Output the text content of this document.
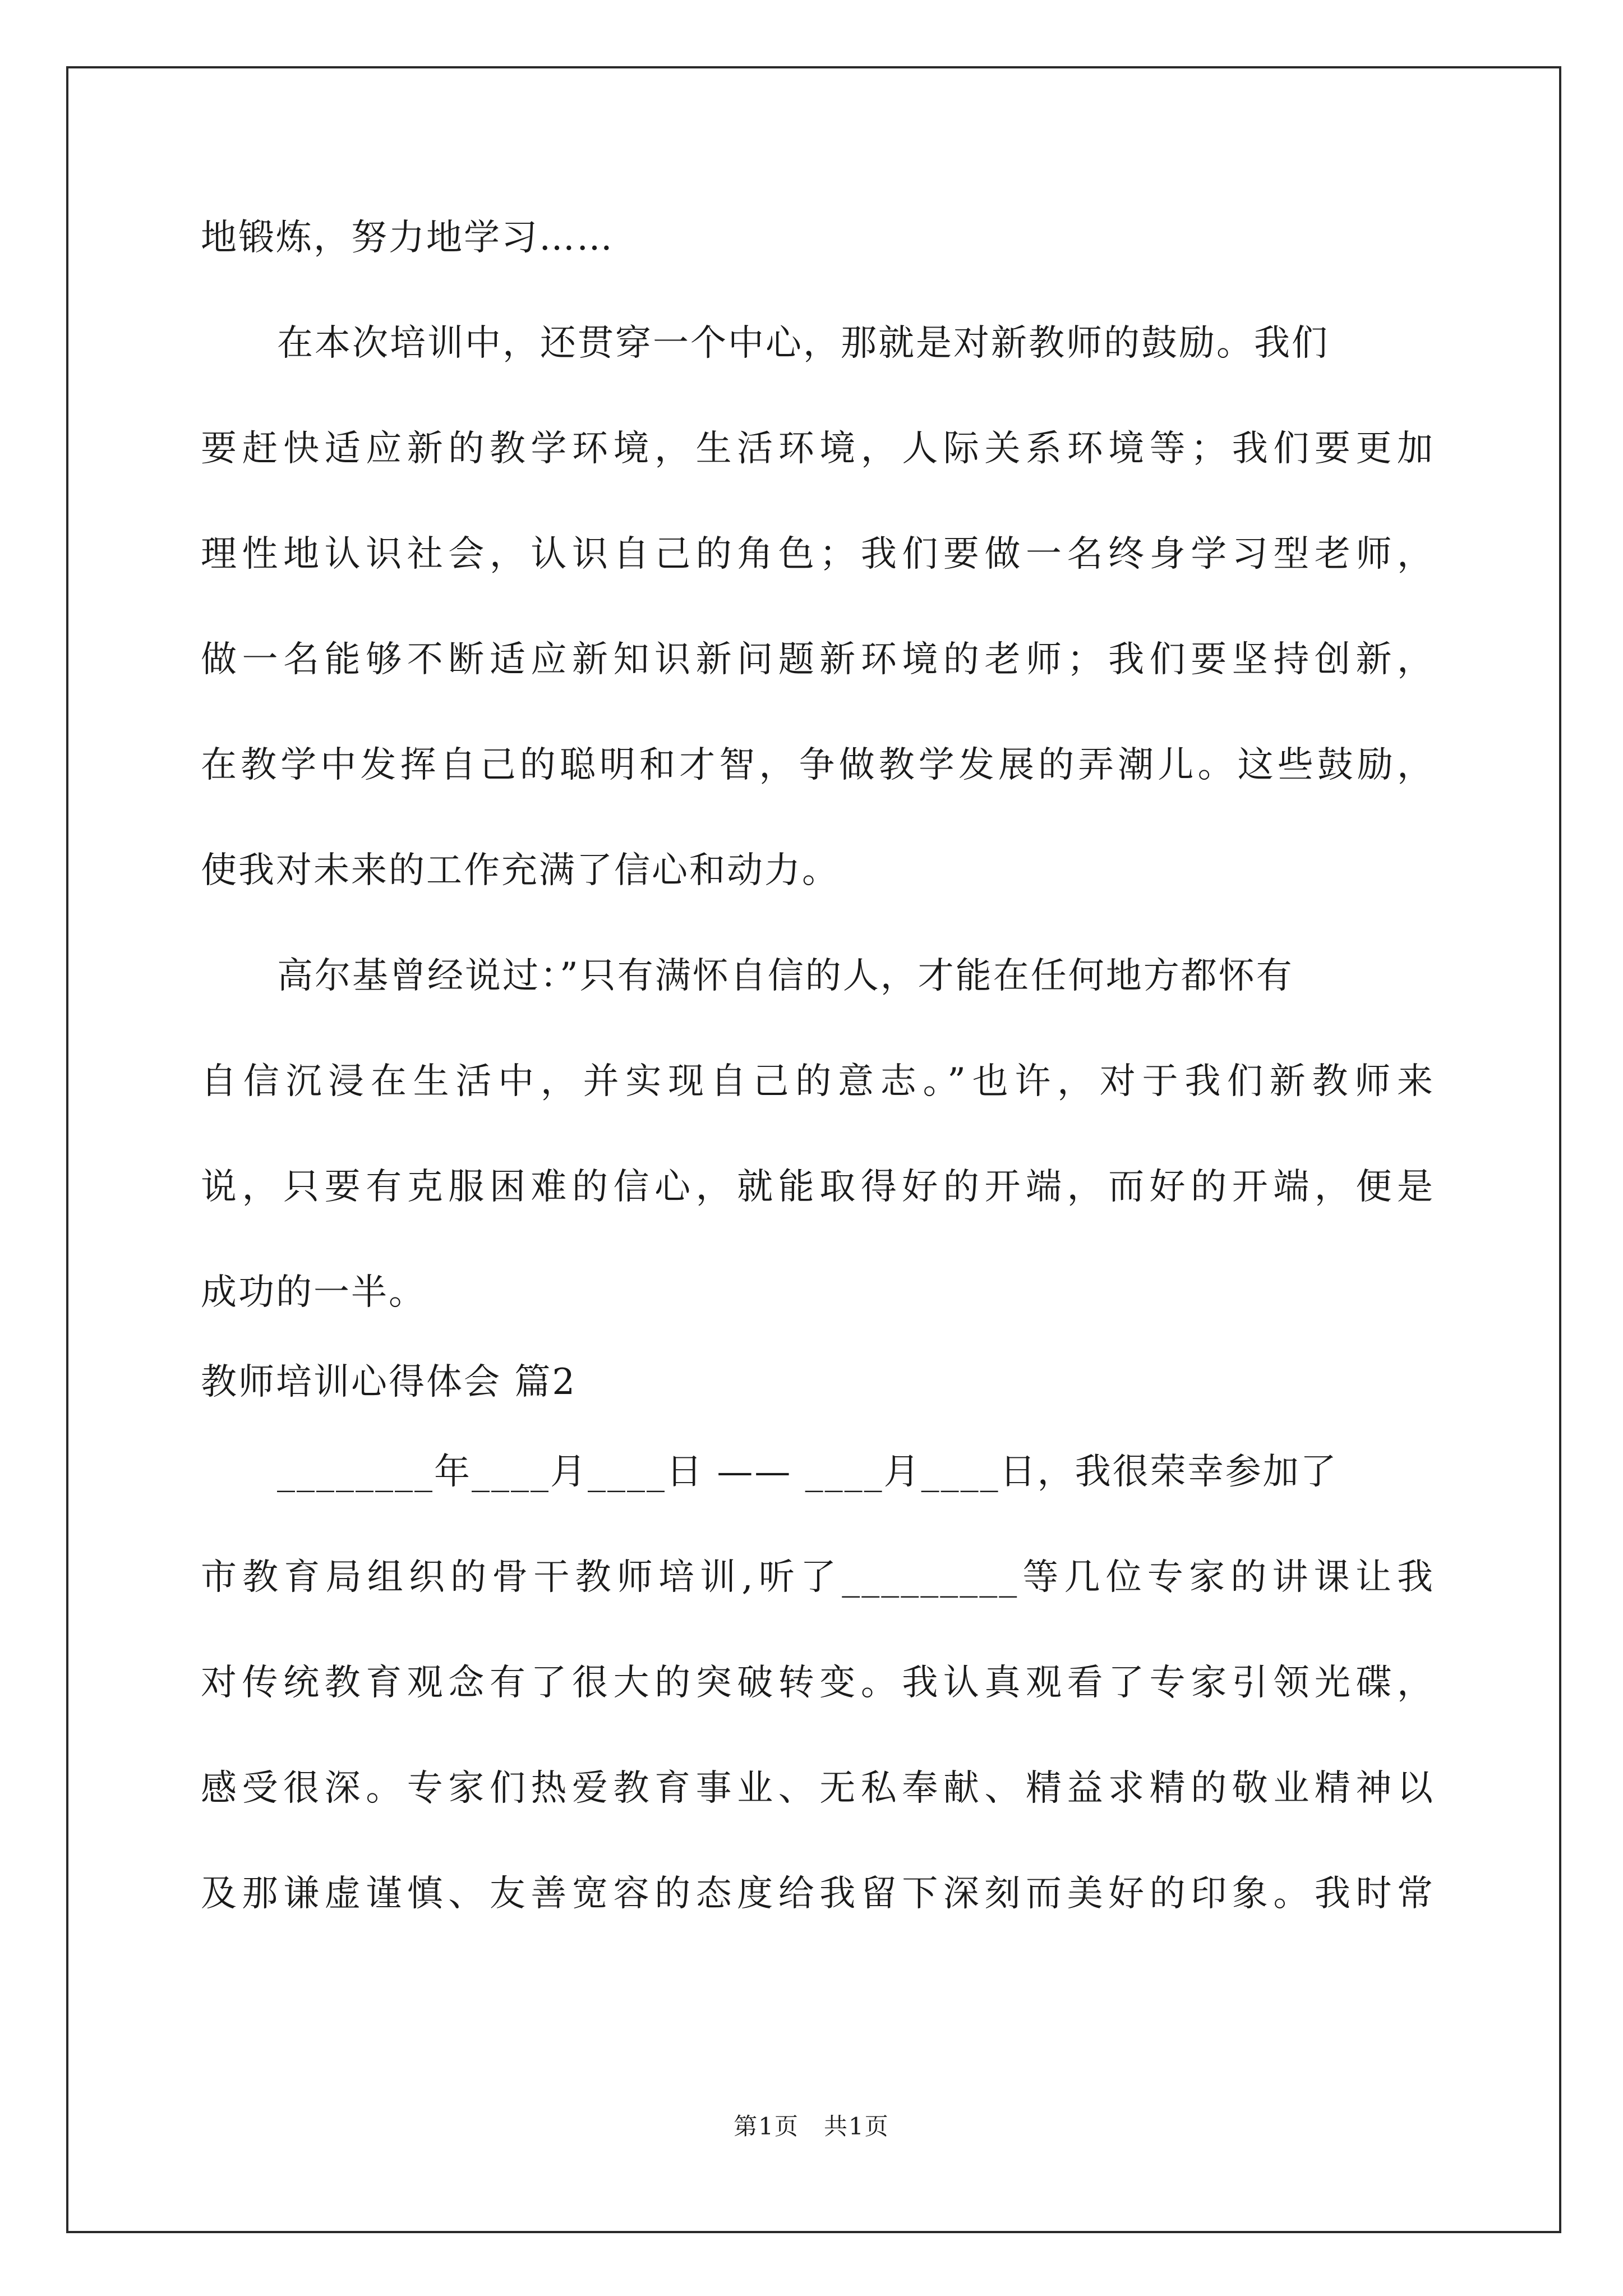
地锻炼，努力地学习……
在本次培训中，还贯穿一个中心，那就是对新教师的鼓励。我们
要赶快适应新的教学环境，生活环境，人际关系环境等；我们要更加
理性地认识社会，认识自己的角色；我们要做一名终身学习型老师，
做一名能够不断适应新知识新问题新环境的老师；我们要坚持创新，
在教学中发挥自己的聪明和才智，争做教学发展的弄潮儿。这些鼓励，
使我对未来的工作充满了信心和动力。
高尔基曾经说过：”只有满怀自信的人，才能在任何地方都怀有
自信沉浸在生活中，并实现自己的意志。”也许，对于我们新教师来
说，只要有克服困难的信心，就能取得好的开端，而好的开端，便是
成功的一半。
教师培训心得体会 篇2
________年____月____日 —— ____月____日，我很荣幸参加了
市教育局组织的骨干教师培训,听了_________等几位专家的讲课让我
对传统教育观念有了很大的突破转变。我认真观看了专家引领光碟，
感受很深。专家们热爱教育事业、无私奉献、精益求精的敬业精神以
及那谦虚谨慎、友善宽容的态度给我留下深刻而美好的印象。我时常
第1页　共1页
